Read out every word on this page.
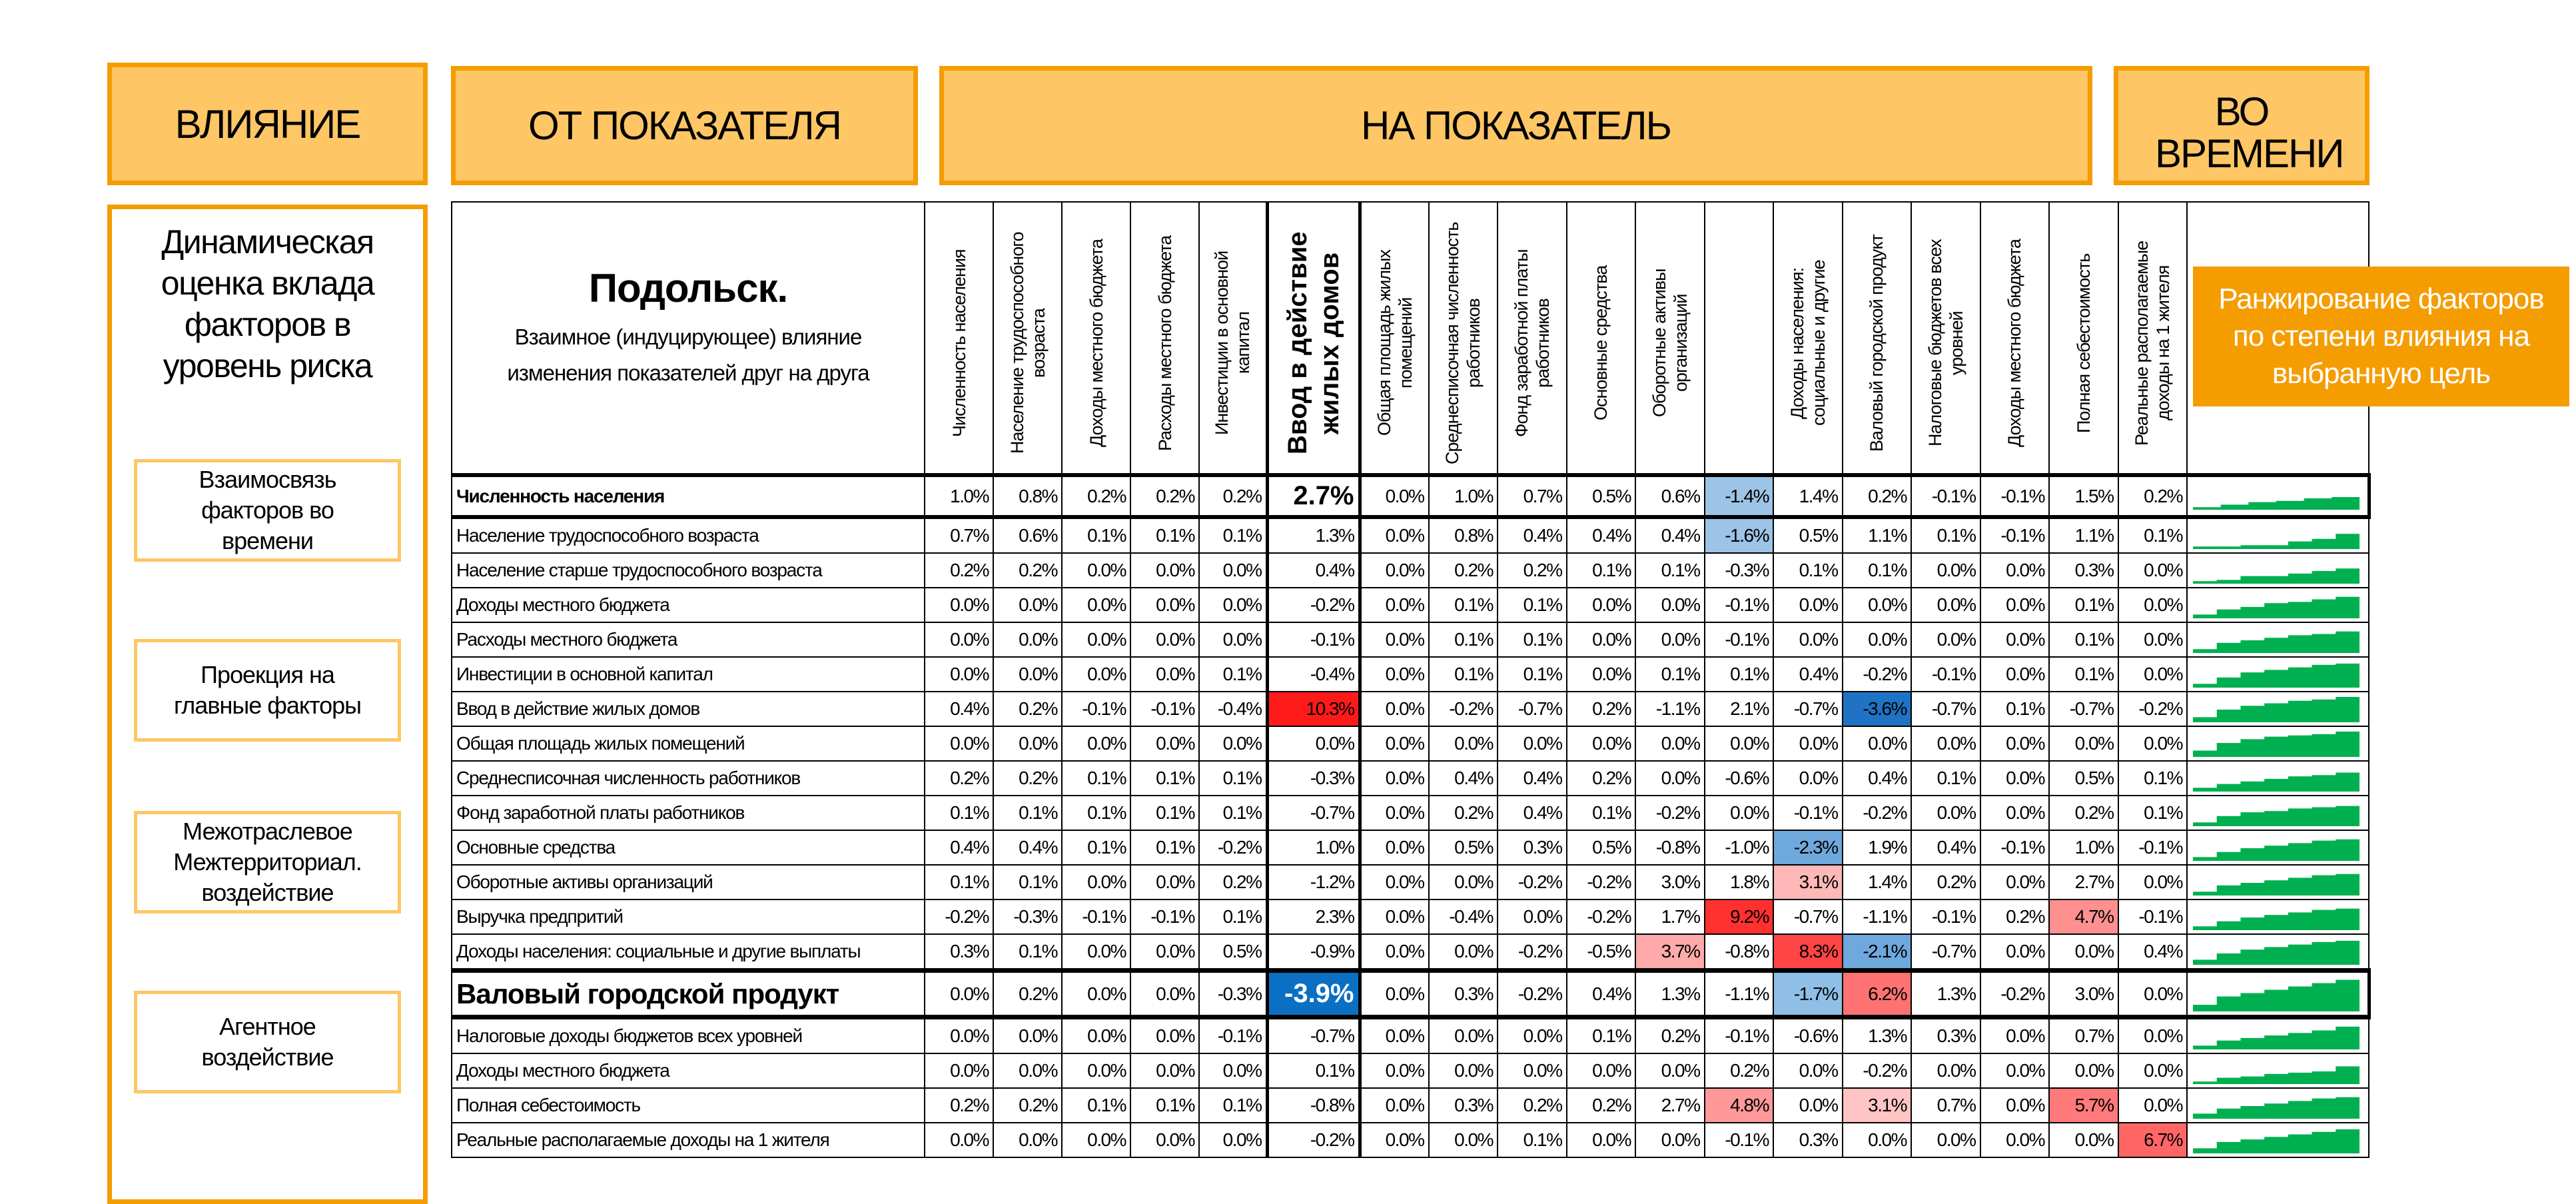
ВЛИЯНИЕ	ОТ ПОКАЗАТЕЛЯ	НА ПОКАЗАТЕЛЬ	ВО ВРЕМЕНИ
Динамическая оценка вклада факторов в уровень риска
Взаимосвязь факторов во времени
Проекция на главные факторы
Межотраслевое Межтерриториал. воздействие
Агентное воздействие
Подольск.
Взаимное (индуцирующее) влияние изменения показателей друг на друга	Численность населения	Население трудоспособного возраста	Доходы местного бюджета	Расходы местного бюджета	Инвестиции в основной капитал	Ввод в действие жилых домов	Общая площадь жилых помещений	Среднесписочная численность работников	Фонд заработной платы работников	Основные средства	Оборотные активы организаций		Доходы населения: социальные и другие	Валовый городской продукт	Налоговые бюджетов всех уровней	Доходы местного бюджета	Полная себестоимость	Реальные располагаемые доходы на 1 жителя	

Численность населения	1.0%	0.8%	0.2%	0.2%	0.2%	2.7%	0.0%	1.0%	0.7%	0.5%	0.6%	-1.4%	1.4%	0.2%	-0.1%	-0.1%	1.5%	0.2%	

Население трудоспособного возраста	0.7%	0.6%	0.1%	0.1%	0.1%	1.3%	0.0%	0.8%	0.4%	0.4%	0.4%	-1.6%	0.5%	1.1%	0.1%	-0.1%	1.1%	0.1%	

Население старше трудоспособного возраста	0.2%	0.2%	0.0%	0.0%	0.0%	0.4%	0.0%	0.2%	0.2%	0.1%	0.1%	-0.3%	0.1%	0.1%	0.0%	0.0%	0.3%	0.0%	

Доходы местного бюджета	0.0%	0.0%	0.0%	0.0%	0.0%	-0.2%	0.0%	0.1%	0.1%	0.0%	0.0%	-0.1%	0.0%	0.0%	0.0%	0.0%	0.1%	0.0%	

Расходы местного бюджета	0.0%	0.0%	0.0%	0.0%	0.0%	-0.1%	0.0%	0.1%	0.1%	0.0%	0.0%	-0.1%	0.0%	0.0%	0.0%	0.0%	0.1%	0.0%	

Инвестиции в основной капитал	0.0%	0.0%	0.0%	0.0%	0.1%	-0.4%	0.0%	0.1%	0.1%	0.0%	0.1%	0.1%	0.4%	-0.2%	-0.1%	0.0%	0.1%	0.0%	

Ввод в действие жилых домов	0.4%	0.2%	-0.1%	-0.1%	-0.4%	10.3%	0.0%	-0.2%	-0.7%	0.2%	-1.1%	2.1%	-0.7%	-3.6%	-0.7%	0.1%	-0.7%	-0.2%	

Общая площадь жилых помещений	0.0%	0.0%	0.0%	0.0%	0.0%	0.0%	0.0%	0.0%	0.0%	0.0%	0.0%	0.0%	0.0%	0.0%	0.0%	0.0%	0.0%	0.0%	

Среднесписочная численность работников	0.2%	0.2%	0.1%	0.1%	0.1%	-0.3%	0.0%	0.4%	0.4%	0.2%	0.0%	-0.6%	0.0%	0.4%	0.1%	0.0%	0.5%	0.1%	

Фонд заработной платы работников	0.1%	0.1%	0.1%	0.1%	0.1%	-0.7%	0.0%	0.2%	0.4%	0.1%	-0.2%	0.0%	-0.1%	-0.2%	0.0%	0.0%	0.2%	0.1%	

Основные средства	0.4%	0.4%	0.1%	0.1%	-0.2%	1.0%	0.0%	0.5%	0.3%	0.5%	-0.8%	-1.0%	-2.3%	1.9%	0.4%	-0.1%	1.0%	-0.1%	

Оборотные активы организаций	0.1%	0.1%	0.0%	0.0%	0.2%	-1.2%	0.0%	0.0%	-0.2%	-0.2%	3.0%	1.8%	3.1%	1.4%	0.2%	0.0%	2.7%	0.0%	

Выручка предпритий	-0.2%	-0.3%	-0.1%	-0.1%	0.1%	2.3%	0.0%	-0.4%	0.0%	-0.2%	1.7%	9.2%	-0.7%	-1.1%	-0.1%	0.2%	4.7%	-0.1%	

Доходы населения: социальные и другие выплаты	0.3%	0.1%	0.0%	0.0%	0.5%	-0.9%	0.0%	0.0%	-0.2%	-0.5%	3.7%	-0.8%	8.3%	-2.1%	-0.7%	0.0%	0.0%	0.4%	

Валовый городской продукт	0.0%	0.2%	0.0%	0.0%	-0.3%	-3.9%	0.0%	0.3%	-0.2%	0.4%	1.3%	-1.1%	-1.7%	6.2%	1.3%	-0.2%	3.0%	0.0%	

Налоговые доходы бюджетов всех уровней	0.0%	0.0%	0.0%	0.0%	-0.1%	-0.7%	0.0%	0.0%	0.0%	0.1%	0.2%	-0.1%	-0.6%	1.3%	0.3%	0.0%	0.7%	0.0%	

Доходы местного бюджета	0.0%	0.0%	0.0%	0.0%	0.0%	0.1%	0.0%	0.0%	0.0%	0.0%	0.0%	0.2%	0.0%	-0.2%	0.0%	0.0%	0.0%	0.0%	

Полная себестоимость	0.2%	0.2%	0.1%	0.1%	0.1%	-0.8%	0.0%	0.3%	0.2%	0.2%	2.7%	4.8%	0.0%	3.1%	0.7%	0.0%	5.7%	0.0%	

Реальные располагаемые доходы на 1 жителя	0.0%	0.0%	0.0%	0.0%	0.0%	-0.2%	0.0%	0.0%	0.1%	0.0%	0.0%	-0.1%	0.3%	0.0%	0.0%	0.0%	0.0%	6.7%	
Ранжирование факторов по степени влияния на выбранную цель
